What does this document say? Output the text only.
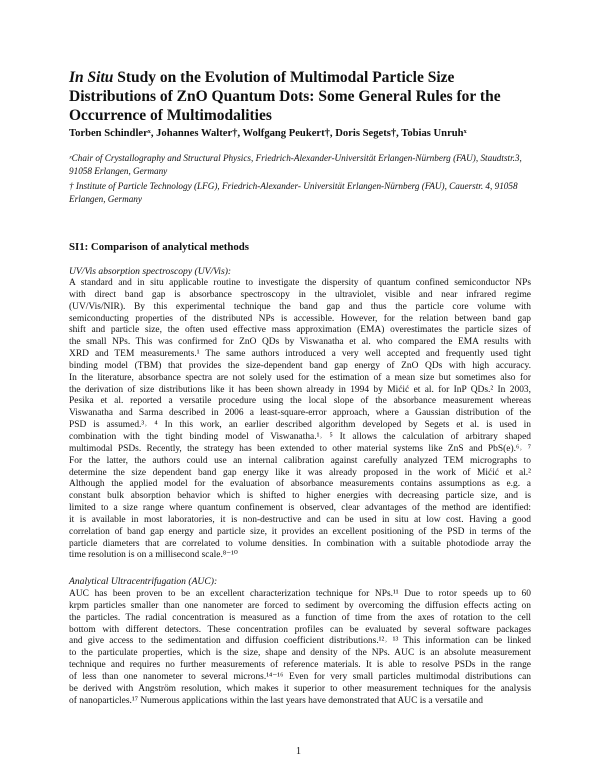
In Situ Study on the Evolution of Multimodal Particle Size Distributions of ZnO Quantum Dots: Some General Rules for the Occurrence of Multimodalities
Torben Schindlerˣ, Johannes Walter†, Wolfgang Peukert†, Doris Segets†, Tobias Unruhˣ
ˣChair of Crystallography and Structural Physics, Friedrich-Alexander-Universität Erlangen-Nürnberg (FAU), Staudtstr.3, 91058 Erlangen, Germany
† Institute of Particle Technology (LFG), Friedrich-Alexander- Universität Erlangen-Nürnberg (FAU), Cauerstr. 4, 91058 Erlangen, Germany
SI1: Comparison of analytical methods
UV/Vis absorption spectroscopy (UV/Vis):
A standard and in situ applicable routine to investigate the dispersity of quantum confined semiconductor NPs
with direct band gap is absorbance spectroscopy in the ultraviolet, visible and near infrared regime
(UV/Vis/NIR). By this experimental technique the band gap and thus the particle core volume with
semiconducting properties of the distributed NPs is accessible. However, for the relation between band gap
shift and particle size, the often used effective mass approximation (EMA) overestimates the particle sizes of
the small NPs. This was confirmed for ZnO QDs by Viswanatha et al. who compared the EMA results with
XRD and TEM measurements.¹ The same authors introduced a very well accepted and frequently used tight
binding model (TBM) that provides the size-dependent band gap energy of ZnO QDs with high accuracy.
In the literature, absorbance spectra are not solely used for the estimation of a mean size but sometimes also for
the derivation of size distributions like it has been shown already in 1994 by Mićić et al. for InP QDs.² In 2003,
Pesika et al. reported a versatile procedure using the local slope of the absorbance measurement whereas
Viswanatha and Sarma described in 2006 a least-square-error approach, where a Gaussian distribution of the
PSD is assumed.³˒ ⁴ In this work, an earlier described algorithm developed by Segets et al. is used in
combination with the tight binding model of Viswanatha.¹˒ ⁵ It allows the calculation of arbitrary shaped
multimodal PSDs. Recently, the strategy has been extended to other material systems like ZnS and PbS(e).⁶˒ ⁷
For the latter, the authors could use an internal calibration against carefully analyzed TEM micrographs to
determine the size dependent band gap energy like it was already proposed in the work of Mićić et al.²
Although the applied model for the evaluation of absorbance measurements contains assumptions as e.g. a
constant bulk absorption behavior which is shifted to higher energies with decreasing particle size, and is
limited to a size range where quantum confinement is observed, clear advantages of the method are identified:
it is available in most laboratories, it is non-destructive and can be used in situ at low cost. Having a good
correlation of band gap energy and particle size, it provides an excellent positioning of the PSD in terms of the
particle diameters that are correlated to volume densities. In combination with a suitable photodiode array the
time resolution is on a millisecond scale.⁸⁻¹⁰
Analytical Ultracentrifugation (AUC):
AUC has been proven to be an excellent characterization technique for NPs.¹¹ Due to rotor speeds up to 60
krpm particles smaller than one nanometer are forced to sediment by overcoming the diffusion effects acting on
the particles. The radial concentration is measured as a function of time from the axes of rotation to the cell
bottom with different detectors. These concentration profiles can be evaluated by several software packages
and give access to the sedimentation and diffusion coefficient distributions.¹²˒ ¹³ This information can be linked
to the particulate properties, which is the size, shape and density of the NPs. AUC is an absolute measurement
technique and requires no further measurements of reference materials. It is able to resolve PSDs in the range
of less than one nanometer to several microns.¹⁴⁻¹⁶ Even for very small particles multimodal distributions can
be derived with Ångström resolution, which makes it superior to other measurement techniques for the analysis
of nanoparticles.¹⁷ Numerous applications within the last years have demonstrated that AUC is a versatile and
1
